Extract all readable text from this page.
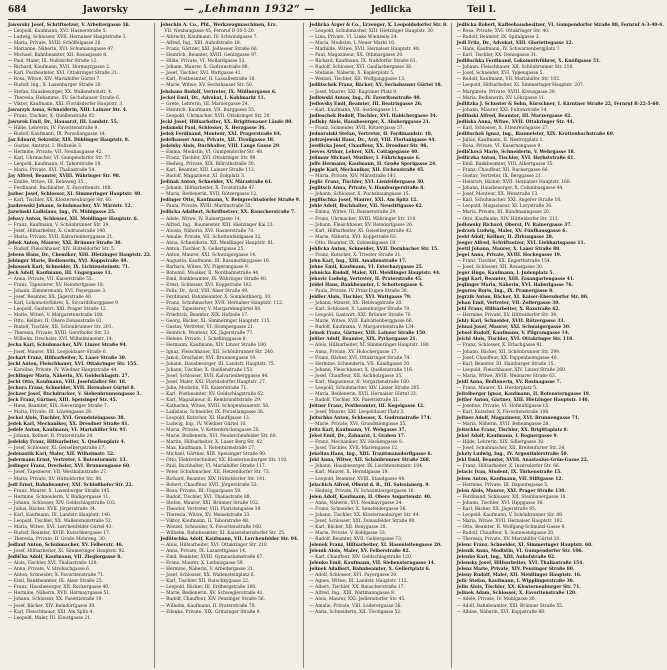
684	Jaworsky	— „Lehmann 1932“ —	Jedlicka	Teil I.
Jaworsky Josef, Schriftsetzer, V. Arbeitergasse 16.
— Leopold, Kaufmann, XVI. Hasnerstraße 5.
— Ludwig, Schlosser, XVII. Hernalser Hauptstraße 3.
— Maria, Private, XVIII. Schöffelgasse 26.
— Marianne, Näherin, XVI. Schumanngasse 47.
— Michael, Bahnbeamter, XII. Rosasgasse 8.
— Paul, Maler, IX. Nußdorfer Straße 12.
— Richard, Kaufmann, XVII. Hormayrgasse 2.
— Karl, Postbeamter, XVI. Ottakringer Straße 31.
— Rosa, Witwe, XIV. Mariahilfer Gürtel 7.
— Rudolf, Ing., X. Laxenburger Straße 20.
— Stefan, Hausbesorger, XX. Wallensteinstr. 4.
— Theresia, Hebamme, XV. Sechshauser Straße 6.
— Viktor, Kaufmann, XXI. Floridsdorfer Hauptstr. 3.
Jaworzyk Anna, Schneiderin, XIII. Lainzer Str. 4.
— Franz, Tischler, X. Quellenstraße 92.
Jawurek Emil, Dr., Hausarzt, III. Landstr. 55.
— Hilde, Lehrerin, IV. Favoritenstraße 9.
— Rudolf, Kaufmann, IX. Porzellangasse 14.
Jax Eduard, Sekretär, XIX. Döblinger Hauptstr. 8.
— Gustav, Amtsrat, I. Wollzeile 3.
— Hermine, Private, VII. Neubaugasse 42.
— Karl, Uhrmacher, VI. Gumpendorfer Str. 77.
— Leopold, Kaufmann, II. Taborstraße 19.
— Maria, Private, XVI. Thaliastraße 54.
Jay Alfred, Beamter, XVIII. Währinger Str. 98.
— Emilie, Witwe, III. Rennweg 35.
— Ferdinand, Buchhalter, X. Favoritenstr. 108.
Jazbec Josef, Schlosser, XI. Simmeringer Hauptstr. 40.
— Karl, Tischler, XX. Klosterneuburger Str. 66.
Jazdzewski Johann, Schuhmacher, XV. Märzstr. 12.
Jazwinski Ladislaus, Ing., IV. Mühlgasse 25.
Jebavy Anton, Schlosser, XII. Meidlinger Hauptstr. 6.
— Franz, Kaufmann, V. Schönbrunner Str. 39.
— Josef, Hilfsarbeiter, X. Gudrunstraße 140.
— Maria, Private, XVII. Kalvarienberggasse 21.
Jebek Anton, Maurer, XXI. Brünner Straße 30.
— Rudolf, Fleischhauer, XIV. Hütteldorfer Str. 5.
Jebens Hans, Dr., Chemiker, XIII. Hietzinger Hauptstr. 22.
Jebinger Marie, Bedienerin, XVI. Koppstraße 49.
Jebousek Karl, Schneider, IX. Lichtensteinstr. 71.
Jech Adolf, Kaufmann, III. Ungargasse 11.
— Anna, Private, VII. Kaiserstraße 55.
— Franz, Tapezierer, XV. Reindorfgasse 18.
— Johann, Zimmermann, XVI. Payergasse 3.
— Josef, Beamter, XX. Jägerstraße 40.
— Karl, Lokomotivführer, X. Siccardsburggasse 9.
— Leopold, Gastwirt, XXI. Prager Straße 12.
— Marie, Witwe, V. Margaretenstraße 100.
— Otto, Kellner, II. Obere Donaustraße 61.
— Rudolf, Tischler, XII. Schönbrunner Str. 201.
— Theresia, Private, XVIII. Gersthofer Str. 33.
— Wilhelm, Drechsler, XVI. Wilhelminenstr. 14.
Jecha Karl, Schuhmacher, XIV. Linzer Straße 94.
— Josef, Maurer, XXI. Leopoldauer Straße 6.
Jechart Franz, Hilfsarbeiter, X. Laaer Straße 30.
Jechl Anton, Fleischhauer, XVI. Ottakringer Str. 155.
— Karoline, Private, IV. Wiedner Hauptstraße 44.
Jechlinger Maria, Näherin, XV. Goldschlagstr. 27.
Jecht Otto, Kaufmann, VIII. Josefstädter Str. 18.
Jechura Franz, Schneider, XVII. Hernalser Gürtel 8.
Jechzer Josef, Buchdrucker, V. Siebenbrunnengasse 3.
Jeck Franz, Gärtner, XIII. Speisinger Str. 45.
— Hans, Beamter, XIX. Sieveringer Straße 7.
— Maria, Private, III. Löwengasse 29.
Jeckel Alois, Tischler, XVI. Grundsteingasse 38.
Jedek Karl, Mechaniker, XX. Dresdner Straße 81.
Jedele Anton, Kaufmann, VI. Mariahilfer Str. 91.
— Johann, Kellner, II. Praterstraße 24.
Jedelsky Franz, Hilfsarbeiter, X. Quellenplatz 4.
— Josef, Schlosser, XI. Geiselbergstraße 17.
Jedenastik Karl, Maler, XII. Wilhelmstr. 52.
Jedermann Ernst, Vertreter, I. Rotenturmstr. 13.
Jedinger Franz, Drechsler, XVI. Brunnengasse 60.
— Josef, Tapezierer, VII. Westbahnstraße 27.
— Maria, Private, XV. Hütteldorfer Str. 88.
Jedl Ernst, Bahnbeamter, XXI. Schloßhofer Str. 22.
— Franz, Maurer, X. Laxenburger Straße 145.
— Hermine, Schneiderin, V. Rüdigergasse 11.
— Johann, Schlosser, XIV. Goldschlagstraße 103.
— Julius, Bäcker, XVII. Jörgerstraße 34.
— Karl, Kaufmann, III. Landstr. Hauptstr. 140.
— Leopold, Tischler, XX. Wallensteinstraße 52.
— Maria, Witwe, XVI. Lerchenfelder Gürtel 43.
— Rudolf, Beamter, XVIII. Kutschkergasse 17.
— Theresia, Private, II. Große Mohreng. 30.
Jedlauf Anton, Schuhmacher, XV. Felberstr. 46.
— Josef, Hilfsarbeiter, XI. Simmeringer Hauptstr. 92.
Jedlička Adolf, Kaufmann, VII. Zieglergasse 8.
— Alois, Tischler, XVI. Thaliastraße 120.
— Anna, Private, V. Strobachgasse 6.
— Anton, Schneider, X. Favoritenstraße 71.
— Emil, Bankbeamter, IX. Alser Straße 25.
— Franz, Hausbesorger, XII. Ruckergasse 40.
— Hermine, Näherin, XVII. Hormayrgasse 51.
— Johann, Schlosser, XX. Pasettistraße 19.
— Josef, Bäcker, XIV. Reindorfgasse 39.
— Karl, Fleischhauer, XXI. Am Spitz 4.
— Leopold, Maler, III. Kleistgasse 21.
Jebschin A. Co., Pfd., Werkzeugmaschinen, Erz.
VII. Neubaugasse 45, Fernruf B-30-5-20.
— Albrecht, Kaufmann, IV. Schwindgasse 7.
— Alfred, Ing., XIII. Auhofstraße 18.
— Franz, Gärtner, XXI. Jedleseer Straße 60.
— Heinrich, Beamter, XVIII. Gentzgasse 97.
— Hilde, Private, VI. Mollardgasse 33.
— Johann, Maurer, X. Gudrunstraße 88.
— Josef, Tischler, XVI. Wattgasse 41.
— Karl, Postbeamter, II. Lassallestraße 18.
— Marie, Witwe, XV. Sechshauser Str. 50.
Jebshans Rudolf, Vertreter, IX. Müllnergasse 6.
Jeckel Emil, Dr., Advokat, I. Kohlmarkt 11.
— Grete, Lehrerin, III. Marxergasse 24.
— Heinrich, Kaufmann, VII. Burggasse 55.
— Leopold, Uhrmacher, XVII. Ottakringer Str. 20.
Jeckl Josef, Hilfsarbeiter, XX. Brigittenauer Lände 80.
Jedamski Paul, Schlosser, X. Herzgasse 36.
Jedek Ferdinand, Monteur, XXI. Pragerstraße 64.
Jedelhauser Anna, Private, XII. Tivoligasse 18.
Jedelsky Alois, Buchhalter, VIII. Lange Gasse 29.
— Emma, Modistin, VI. Gumpendorfer Str. 48.
— Franz, Tischler, XVI. Ottakringer Str. 98.
— Hedwig, Private, XIX. Billrothstraße 30.
— Karl, Beamter, XIII. Lainzer Straße 112.
— Rudolf, Magazineur, XI. Enkplatz 3.
Jedinak Anton, Schneider, XV. Märzstraße 61.
— Johann, Hilfsarbeiter, X. Troststraße 47.
— Maria, Bedienerin, XVII. Rötzergasse 12.
Jedinger Otto, Kaufmann, V. Reinprechtsdorfer Straße 9.
— Paula, Private, XVIII. Martinstraße 55.
Jedlicka Adalbert, Schriftsetzer, XX. Rauscherstraße 7.
— Adele, Witwe, IV. Rainergasse 14.
— Alfred, Ing., Baumeister, XIII. Hietzinger Kai 23.
— Aloisia, Näherin, XVI. Hasnerstraße 70.
— Amalie, Private, VII. Schottenfeldgasse 32.
— Anna, Schneiderin, XII. Meidlinger Hauptstr. 81.
— Anton, Tischler, X. Gellertgasse 25.
— Anton, Maurer, XXI. Schwaigergasse 14.
— Augustin, Kaufmann, III. Rasumofskygasse 16.
— Barbara, Witwe, XV. Pilgerimgasse 9.
— Bohumil, Musiker, II. Nordbahnstraße 44.
— Emil, Bankbeamter, IX. Währinger Straße 40.
— Ernst, Schlosser, XVI. Koppstraße 102.
— Felix, Dr., Arzt, VIII. Alser Straße 49.
— Ferdinand, Bahnbeamter, X. Sonnleithnerg. 30.
— Franz, Schuhmacher, XVII. Hernalser Hauptstr. 112.
— Franz, Tapezierer, V. Margaretengürtel 88.
— Friedrich, Beamter, XIX. Hofzeile 17.
— Georg, Bäcker, XI. Simmeringer Hauptstr. 115.
— Gustav, Vertreter, VI. Stumpergasse 21.
— Heinrich, Monteur, XX. Jägerstraße 77.
— Helene, Private, I. Schellinggasse 8.
— Hermann, Kaufmann, XIV. Linzer Straße 180.
— Ignaz, Fleischhauer, XII. Schönbrunner Str. 240.
— Jakob, Drechsler, XVI. Brunnengasse 19.
— Johann, Hausbesorger, III. Landstr. Hauptstr. 75.
— Johann, Tischler, X. Quellenstraße 153.
— Josef, Schlosser, XVII. Kalvarienberggasse 44.
— Josef, Maler, XXI. Floridsdorfer Hauptstr. 27.
— Julie, Modistin, VII. Kaiserstraße 71.
— Karl, Postbeamter, XV. Goldschlagstraße 62.
— Karl, Magazineur, II. Rembrandtstraße 29.
— Katharina, Witwe, XVIII. Schopenhauerstr. 50.
— Ladislaus, Schneider, IX. Porzellangasse 36.
— Leopold, Kutscher, XI. Hauffgasse 13.
— Ludwig, Ing., IV. Wiedner Gürtel 10.
— Maria, Private, V. Kettenbrückengasse 20.
— Marie, Bedienerin, XVI. Neulerchenfelder Str. 60.
— Martin, Hilfsarbeiter, X. Laaer Berg Str. 42.
— Max, Kaufmann, I. Rotenturmstraße 27.
— Michael, Gärtner, XIII. Speisinger Straße 90.
— Otto, Elektrotechniker, XX. Klosterneuburger Str. 110.
— Paul, Buchhalter, VI. Mariahilfer Straße 117.
— Peter, Schuhmacher, XII. Hetzendorfer Str. 73.
— Richard, Beamter, XIV. Hütteldorfer Str. 141.
— Robert, Chauffeur, XVII. Jörgerstraße 53.
— Rosa, Private, III. Ungargasse 59.
— Rudolf, Tischler, XVI. Thaliastraße 88.
— Stefan, Maurer, XXI. Brünner Straße 102.
— Theodor, Vertreter, VIII. Piaristengasse 19.
— Theresia, Witwe, XV. Meiselstraße 33.
— Viktor, Kaufmann, II. Taborstraße 48.
— Wenzel, Schneider, X. Favoritenstraße 160.
— Wilhelm, Bahnbeamter, XI. Kaiserebersdorfer Str. 25.
Jedlitschka Adolf, Kaufmann, VII. Lerchenfelder Str. 94.
— Alois, Hilfsarbeiter, XVI. Ottakringer Str. 210.
— Anna, Private, IX. Lazarettgasse 14.
— Emil, Beamter, XVIII. Gymnasiumstraße 67.
— Franz, Maurer, X. Leibnizgasse 59.
— Hermine, Näherin, V. Arbeitergasse 31.
— Josef, Schlosser, XX. Wallensteinplatz 6.
— Karl, Tischler, XII. Ratschkygasse 22.
— Leopold, Bäcker, III. Erdbergstraße 100.
— Marie, Bedienerin, XV. Schweglerstraße 41.
— Rudolf, Chauffeur, XIV. Penzinger Straße 56.
— Wilhelm, Kaufmann, II. Praterstraße 70.
— Zdenka, Private, XIX. Grinzinger Straße 9.
Jedlicka Ärger & Co., Erzeuger, X. Leopoldsdorfer Str. 8.
— Leopold, Schuhmacher, XIII. Hietzinger Hauptstr. 30.
— Lina, Private, VI. Linke Wienzeile 24.
— Maria, Modistin, I. Neuer Markt 10.
— Mathilde, Witwe, XVII. Hernalser Hauptstr. 48.
— Paul, Magazineur, XX. Othmargasse 20.
— Richard, Kaufmann, IX. Nußdorfer Straße 61.
— Rudolf, Schlosser, XVI. Gaullachergasse 38.
— Stefanie, Näherin, X. Keplerplatz 5.
— Wenzel, Tischler, XII. Wolfganggasse 13.
Jedlitschek Franz, Bäcker, XV. Sechshauser Gürtel 18.
— Josef, Maurer, XXI. Kagraner Platz 9.
Jedlowski Anton, Ing., IV. Favoritenstraße 40.
Jedlovsky Emil, Beamter, III. Beatrixgasse 26.
— Karl, Kaufmann, VII. Seidengasse 11.
Jedloschek Rudolf, Tischler, XVI. Habichergasse 34.
Jedlsky Alois, Hausbesorger, X. Absberggasse 21.
— Franz, Schneider, XVII. Rötzergasse 57.
Jednoralski Stefan, Vertreter, II. Ferdinandstr. 18.
Jedrzejewski Hans, Dr., Arzt, VIII. Florianigasse 44.
Jeedlicka Josef, Chauffeur, XX. Dresdner Str. 96.
Jeeves Arthur, Lehrer, XIX. Cottagegasse 40.
Jefimow Michael, Musiker, I. Führichgasse 6.
Jeffe Hermann, Kaufmann, II. Große Sperlgasse 24.
Jeggle Karl, Mechaniker, XII. Eichenstraße 45.
— Maria, Private, XIV. Märzstraße 141.
Jeglic Franz, Tischler, XVI. Lienfeldergasse 30.
Jeglitsch Anna, Private, V. Hamburgerstraße 8.
— Johann, Schlosser, X. Puchsbaumgasse 15.
Jeglitschka Josef, Maurer, XXI. Am Spitz 12.
Jehle Adolf, Buchhalter, VII. Neustiftgasse 62.
— Emma, Witwe, III. Reisnerstraße 29.
— Franz, Uhrmacher, XVIII. Währinger Str. 114.
— Johann, Fleischhauer, XV. Reindorfgasse 26.
— Karl, Hilfsarbeiter, XI. Geiselbergstraße 42.
— Marie, Näherin, XVI. Koppstraße 63.
— Otto, Beamter, IX. Sobieskigasse 18.
Jehlicka Anton, Schneider, XVII. Dornbacher Str. 15.
— Franz, Kutscher, X. Triester Straße 31.
Jehn Karl, Ing., XIII. Amalienstraße 17.
Jehne Emil, Kaufmann, VI. Esterhazygasse 25.
Jehnicka Rudolf, Maler, XII. Meidlinger Hauptstr. 44.
Jehovic Ludwig, Vertreter, II. Praterstraße 45.
Jeidel Hans, Bankbeamter, I. Schottengasse 4.
— Paula, Private, IV. Prinz-Eugen-Straße 30.
Jeidler Alois, Tischler, XVI. Wattgasse 79.
— Johann, Maurer, XX. Hellwagstraße 20.
— Karl, Schlosser, X. Laxenburger Straße 79.
— Leopold, Gastwirt, XXI. Brünner Straße 70.
— Marie, Witwe, XVII. Kalvarienberggasse 66.
— Rudolf, Kaufmann, V. Margaretenstraße 134.
Jeinek Franz, Gärtner, XIII. Lainzer Straße 150.
Jeitler Adolf, Beamter, XIX. Pyrkergasse 21.
— Alois, Hilfsarbeiter, XI. Simmeringer Hauptstr. 180.
— Anna, Private, XV. Holochergasse 17.
— Franz, Bäcker, XVI. Ottakringer Straße 74.
— Hermine, Schneiderin, VII. Kandlgasse 20.
— Johann, Fleischhauer, X. Quellenstraße 116.
— Josef, Chauffeur, XII. Aichholzgasse 35.
— Karl, Magazineur, II. Vorgartenstraße 160.
— Leopold, Schuhmacher, XIV. Linzer Straße 205.
— Maria, Bedienerin, XVII. Hernalser Gürtel 23.
— Rudolf, Tischler, XX. Pasettistraße 51.
Jeitner Franz, Postbeamter, III. Kegelgasse 12.
— Josef, Maurer, XXI. Leopoldauer Platz 3.
Jeitschko Anton, Schlosser, X. Gudrunstraße 174.
— Marie, Private, XVI. Grundsteingasse 55.
Jeitz Karl, Kaufmann, VI. Webgasse 37.
Jekel Emil, Dr., Zahnarzt, I. Graben 17.
— Franz, Mechaniker, XV. Hackengasse 8.
— Josef, Tischler, XVII. Mariengasse 12.
Jekelius Hans, Ing., XIII. Trauttmansdorffgasse 6.
Jekl Anna, Witwe, XII. Schönbrunner Straße 268.
— Johann, Hausbesorger, IX. Liechtensteinstr. 104.
— Karl, Maurer, X. Herndlgasse 19.
— Leopold, Beamter, XVIII. Staudgasse 44.
Jelachich Alfred, Oberst d. R., III. Salesianerg. 9.
— Hedwig, Private, IV. Schaumburgergasse 16.
Jelen Adolf, Kaufmann, II. Obere Augartenstr. 40.
— Anna, Näherin, XVI. Neumayrgasse 24.
— Franz, Schneider, X. Senefeldergasse 36.
— Johann, Tischler, XX. Klosterneuburger Str. 44.
— Josef, Schlosser, XXI. Donaufelder Straße 90.
— Karl, Bäcker, XII. Bonygasse 28.
— Marie, Private, V. Kohlgasse 33.
— Rudolf, Beamter, XVII. Geblergasse 73.
Jelenek Franz, Hilfsarbeiter, XI. Hasenleitengasse 20.
Jelenik Alois, Maler, XV. Felberstraße 82.
— Karl, Chauffeur, XIV. Goldschlagstraße 120.
Jelenko Emil, Kaufmann, VII. Siebensterngasse 14.
Jelinek Adalbert, Bahnbeamter, X. Gellertplatz 6.
— Adolf, Schlosser, XVI. Payergasse 20.
— Agnes, Witwe, III. Landstr. Hauptstr. 112.
— Albert, Tischler, XX. Rauscherstraße 17.
— Alfred, Ing., XIII. Wattmanngasse 9.
— Alois, Maurer, XXI. Jedlersdorfer Str. 45.
— Amalie, Private, VIII. Lederergasse 26.
— Anna, Schneiderin, XII. Tivoligasse 52.
Jedlicka Robert, Kaffeehausbesitzer, VI. Gumpendorfer Straße 88, Fernruf A-3-40-4.
— Rosa, Private, XVI. Ottakringer Str. 40.
— Rudolf, Beamter, IX. Spitalgasse 3.
Jedl Fritz, Dr., Advokat, XIII. Gloriettegasse 12.
— Hans, Kaufmann, IV. Schwarzenbergplatz 7.
— Karl, Tischler, XX. Denisgasse 31.
Jedlitschka Ferdinand, Lokomotivführer, X. Knöllgasse 51.
— Johann, Fleischhauer, XII. Schönbrunner Str. 210.
— Josef, Schneider, XVI. Yppengasse 5.
— Rudolf, Kaufmann, VII. Mariahilfer Str. 102.
— Leopold, Hilfsarbeiter, XI. Simmeringer Hauptstr. 207.
— Margarete, Private, XVIII. Kreuzgasse 39.
— Maria, Bedienerin, XV. Löhrgasse 11.
Jedlitzka J. Schuster & Sohn, Kürschner, I. Kärntner Straße 22, Fernruf R-22-5-60.
— Johann, Maurer, XXI. Fultonstraße 14.
Jedlinski Alfred, Beamter, III. Marxergasse 42.
Jedliska Anna, Witwe, XVII. Ottakringer Str. 44.
— Karl, Schlosser, X. Ettenreichgasse 27.
Jedlitschek Ignaz, Ing., Baumeister, XIX. Krottenbachstraße 60.
— Julius, Kaufmann, II. Nestroyplatz 1.
— Rosa, Private, VI. Kasernengasse 9.
Jedličková Marie, Schneiderin, V. Wehrgasse 18.
Jedliczka Anton, Tischler, XVI. Herbststraße 61.
— Emil, Bankbeamter, VIII. Albertgasse 35.
— Franz, Chauffeur, XII. Ruckergasse 66.
— Gustav, Vertreter, IX. Berggasse 21.
— Heinrich, Bäcker, XVII. Hernalser Hauptstr. 160.
— Johann, Hausbesorger, X. Columbusgasse 44.
— Josef, Monteur, XX. Wexstraße 13.
— Karl, Schuhmacher, XXI. Angerer Straße 18.
— Leopold, Magazineur, XI. Lorystraße 36.
— Maria, Private, III. Kundmanngasse 20.
— Otto, Kaufmann, XIV. Hütteldorfer Str. 212.
Jedlowsky Richard, Oberst, IV. Rainergasse 37.
Jedrzek Ludwig, Maler, XV. Fünfhausgasse 6.
Jeebl Adolf, Kellner, II. Zirkusgasse 28.
Jeeger Alfred, Schriftsetzer, XVI. Liebhartsgasse 11.
Jeettl Johann, Maurer, X. Laaer Straße 88.
Jegel Anna, Private, XVIII. Hockegasse 19.
— Franz, Tischler, XX. Engerthstraße 154.
— Josef, Schlosser, XII. Rosasgasse 30.
Jeger Hugo, Kaufmann, I. Judenplatz 5.
Jeggl Karl, Beamter, XIII. Fasangartengasse 41.
Jeglinger Maria, Näherin, XVI. Haberlgasse 76.
Jegorow Boris, Ing., IX. Pramergasse 8.
Jegrzik Anton, Bäcker, XI. Kaiser-Ebersdorfer Str. 80.
Jehan Emil, Vertreter, VII. Zollergasse 30.
Jehl Franz, Hilfsarbeiter, X. Raxstraße 62.
— Hermine, Private, XV. Hütteldorfer Str. 34.
Jehly Karl, Schneider, XVII. Rötzergasse 33.
Jehnal Josef, Maurer, XXI. Schwaigergasse 30.
Jehsel Rudolf, Kaufmann, V. Pilgramgasse 14.
Jeichl Alois, Tischler, XVI. Ottakringer Str. 118.
— Franz, Schlosser, X. Erlachgasse 91.
— Johann, Bäcker, XII. Schönbrunner Str. 299.
— Josef, Chauffeur, XX. Pappenheimgasse 40.
— Karl, Beamter, III. Hainburger Straße 15.
— Leopold, Fleischhauer, XIV. Linzer Straße 260.
— Maria, Witwe, XVIII. Weimarer Straße 63.
Jeidl Anna, Bedienerin, XV. Rosinagasse 7.
— Franz, Maurer, XI. Herderplatz 5.
Jeitelberger Ignaz, Kaufmann, II. Rotensterngasse 19.
Jeitler Anton, Gärtner, XIII. Hietzinger Hauptstr. 140.
— Josefine, Private, VI. Hofmühlgasse 15.
— Karl, Kutscher, X. Favoritenstraße 198.
Jeitner Adolf, Magazineur, XVI. Brunnengasse 71.
— Maria, Näherin, XVII. Beheimgasse 28.
Jeitschko Franz, Tischler, XX. Brigittaplatz 8.
Jekel Adolf, Kaufmann, I. Bognergasse 9.
— Hilde, Lehrerin, XIX. Silbergasse 30.
— Josef, Schuhmacher, XII. Breitenfurter Str. 24.
Jekely Ludwig, Ing., IV. Argentinierstraße 50.
Jekl Emil, Beamter, XVIII. Anastasius-Grün-Gasse 22.
— Franz, Hilfsarbeiter, X. Inzersdorfer Str. 66.
Jelacic Ivan, Student, IX. Türkenstraße 15.
Jelem Anton, Kaufmann, VII. Stiftgasse 12.
— Hermine, Private, III. Dapontegasse 5.
Jelen Alois, Maurer, XXI. Prager Straße 130.
— Ferdinand, Schlosser, XII. Steinbauergasse 18.
— Johann, Tischler, XVI. Hippgasse 38.
— Karl, Bäcker, XX. Jägerstraße 95.
— Leopold, Kaufmann, V. Schönbrunner Str. 88.
— Maria, Witwe, XVII. Hernalser Hauptstr. 192.
— Otto, Beamter, II. Wolfgang-Schmälzl-Gasse 8.
— Rudolf, Chauffeur, X. Sonnwendgasse 20.
— Theresia, Private, XV. Mariahilfer Gürtel 33.
Jelenc Franz, Schneider, XI. Simmeringer Hauptstr. 60.
Jelenik Anna, Modistin, VI. Gumpendorfer Str. 106.
Jelenko Karl, Ing., XIII. Auhofstraße 92.
Jelensky Josef, Hilfsarbeiter, XVI. Thaliastraße 154.
Jelenz Marie, Private, XIV. Penzinger Straße 80.
Jeleny Rudolf, Maler, XII. Meidlinger Hauptstr. 16.
Jelic Stefan, Kaufmann, I. Wipplingerstraße 30.
Jelin Alois, Tischler, XX. Klosterneuburger Str. 71.
Jelinek Adam, Schlosser, X. Favoritenstraße 120.
— Adele, Private, IV. Mühlgasse 30.
— Adolf, Bahnbeamter, XXI. Brünner Straße 55.
— Albine, Näherin, XVI. Koppstraße 88.
